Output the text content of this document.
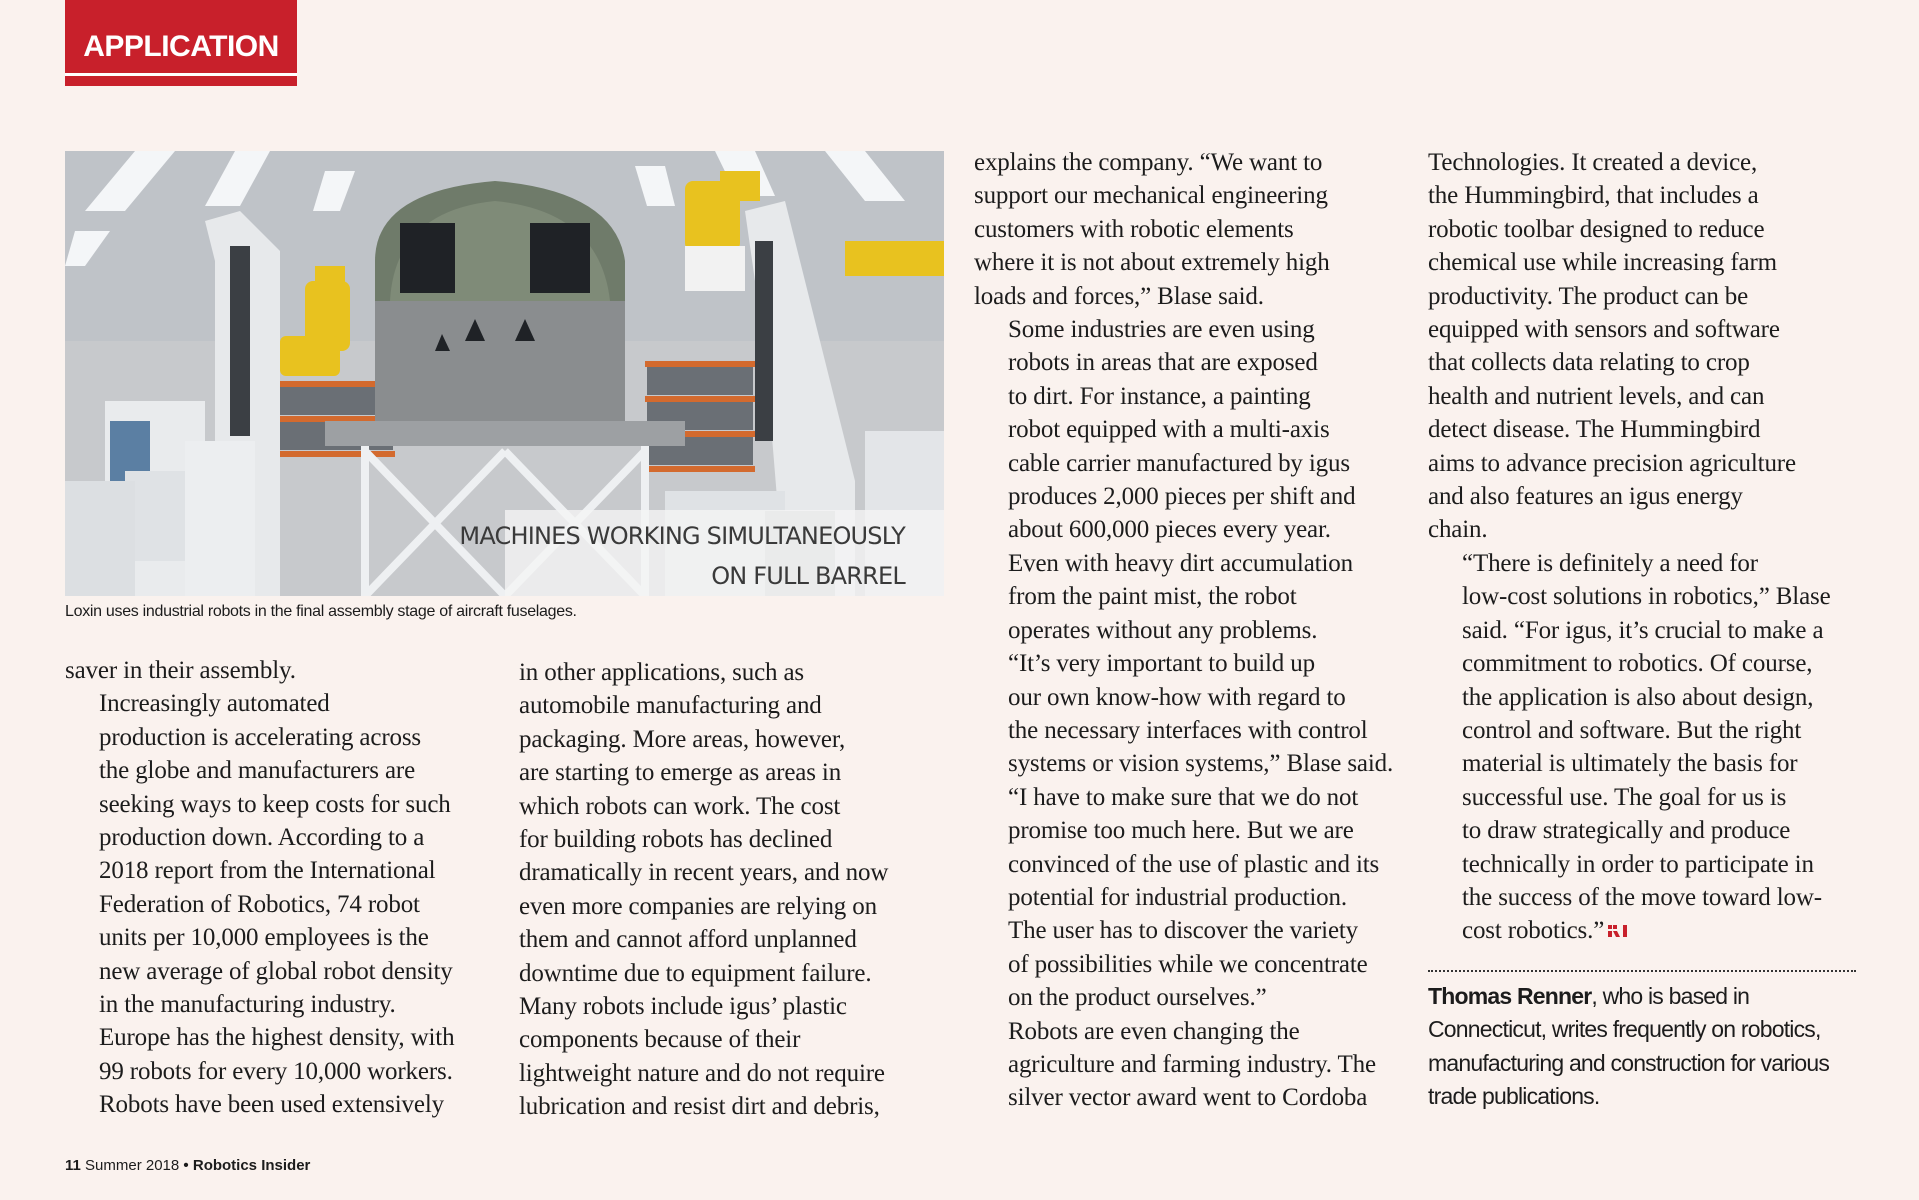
APPLICATION
MACHINES WORKING SIMULTANEOUSLY
ON FULL BARREL
Loxin uses industrial robots in the final assembly stage of aircraft fuselages.

saver in their assembly.

Increasingly automated
production is accelerating across
the globe and manufacturers are
seeking ways to keep costs for such
production down. According to a
2018 report from the International
Federation of Robotics, 74 robot
units per 10,000 employees is the
new average of global robot density
in the manufacturing industry.
Europe has the highest density, with
99 robots for every 10,000 workers.

Robots have been used extensively

in other applications, such as
automobile manufacturing and
packaging. More areas, however,
are starting to emerge as areas in
which robots can work. The cost
for building robots has declined
dramatically in recent years, and now
even more companies are relying on
them and cannot afford unplanned
downtime due to equipment failure.
Many robots include igus’ plastic
components because of their
lightweight nature and do not require
lubrication and resist dirt and debris,

explains the company. “We want to
support our mechanical engineering
customers with robotic elements
where it is not about extremely high
loads and forces,” Blase said.

Some industries are even using
robots in areas that are exposed
to dirt. For instance, a painting
robot equipped with a multi-axis
cable carrier manufactured by igus
produces 2,000 pieces per shift and
about 600,000 pieces every year.
Even with heavy dirt accumulation
from the paint mist, the robot
operates without any problems.

“It’s very important to build up
our own know-how with regard to
the necessary interfaces with control
systems or vision systems,” Blase said.
“I have to make sure that we do not
promise too much here. But we are
convinced of the use of plastic and its
potential for industrial production.
The user has to discover the variety
of possibilities while we concentrate
on the product ourselves.”

Robots are even changing the
agriculture and farming industry. The
silver vector award went to Cordoba

Technologies. It created a device,
the Hummingbird, that includes a
robotic toolbar designed to reduce
chemical use while increasing farm
productivity. The product can be
equipped with sensors and software
that collects data relating to crop
health and nutrient levels, and can
detect disease. The Hummingbird
aims to advance precision agriculture
and also features an igus energy
chain.

“There is definitely a need for
low-cost solutions in robotics,” Blase
said. “For igus, it’s crucial to make a
commitment to robotics. Of course,
the application is also about design,
control and software. But the right
material is ultimately the basis for
successful use. The goal for us is
to draw strategically and produce
technically in order to participate in
the success of the move toward low-
cost robotics.”

Thomas Renner, who is based in
Connecticut, writes frequently on robotics,
manufacturing and construction for various
trade publications.
11 Summer 2018 • Robotics Insider
